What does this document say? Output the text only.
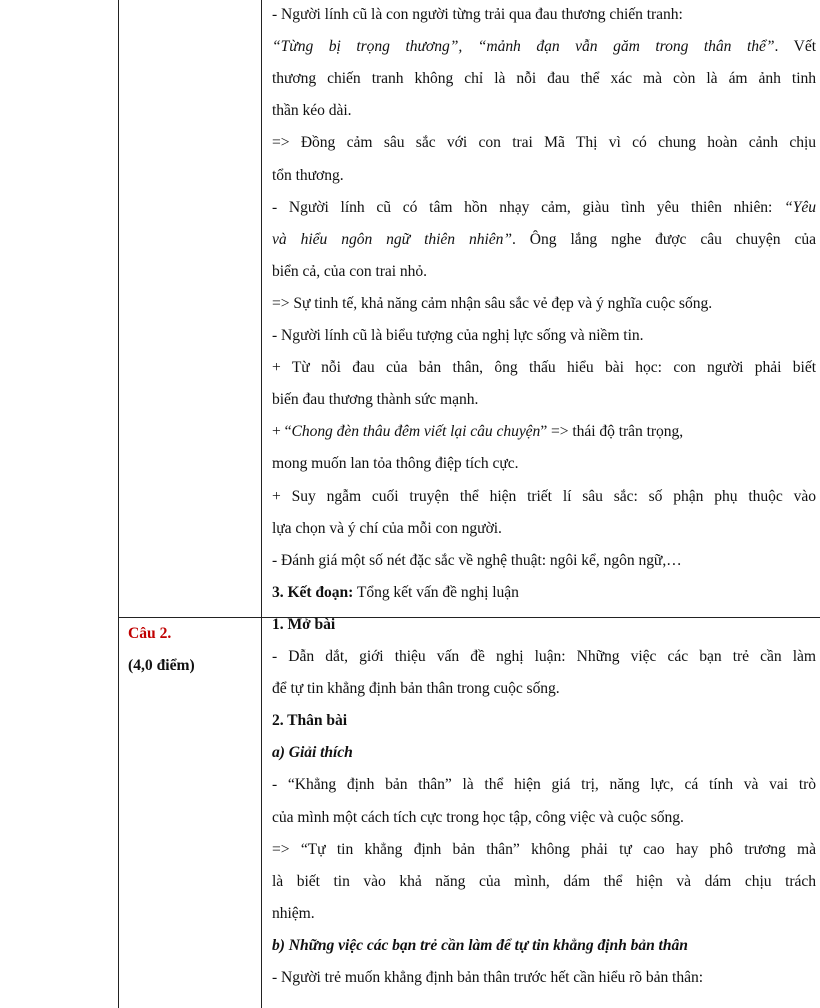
Câu 2.
(4,0 điểm)
- Người lính cũ là con người từng trải qua đau thương chiến tranh:
“Từng bị trọng thương”, “mảnh đạn vẫn găm trong thân thể”. Vết
thương chiến tranh không chỉ là nỗi đau thể xác mà còn là ám ảnh tinh
thần kéo dài.
=> Đồng cảm sâu sắc với con trai Mã Thị vì có chung hoàn cảnh chịu
tổn thương.
- Người lính cũ có tâm hồn nhạy cảm, giàu tình yêu thiên nhiên: “Yêu
và hiểu ngôn ngữ thiên nhiên”. Ông lắng nghe được câu chuyện của
biển cả, của con trai nhỏ.
=> Sự tinh tế, khả năng cảm nhận sâu sắc vẻ đẹp và ý nghĩa cuộc sống.
- Người lính cũ là biểu tượng của nghị lực sống và niềm tin.
+ Từ nỗi đau của bản thân, ông thấu hiểu bài học: con người phải biết
biến đau thương thành sức mạnh.
+ “Chong đèn thâu đêm viết lại câu chuyện” => thái độ trân trọng,
mong muốn lan tỏa thông điệp tích cực.
+ Suy ngẫm cuối truyện thể hiện triết lí sâu sắc: số phận phụ thuộc vào
lựa chọn và ý chí của mỗi con người.
- Đánh giá một số nét đặc sắc về nghệ thuật: ngôi kể, ngôn ngữ,…
3. Kết đoạn: Tổng kết vấn đề nghị luận
1. Mở bài
- Dẫn dắt, giới thiệu vấn đề nghị luận: Những việc các bạn trẻ cần làm
để tự tin khẳng định bản thân trong cuộc sống.
2. Thân bài
a) Giải thích
- “Khẳng định bản thân” là thể hiện giá trị, năng lực, cá tính và vai trò
của mình một cách tích cực trong học tập, công việc và cuộc sống.
=> “Tự tin khẳng định bản thân” không phải tự cao hay phô trương mà
là biết tin vào khả năng của mình, dám thể hiện và dám chịu trách
nhiệm.
b) Những việc các bạn trẻ cần làm để tự tin khẳng định bản thân
- Người trẻ muốn khẳng định bản thân trước hết cần hiểu rõ bản thân:
